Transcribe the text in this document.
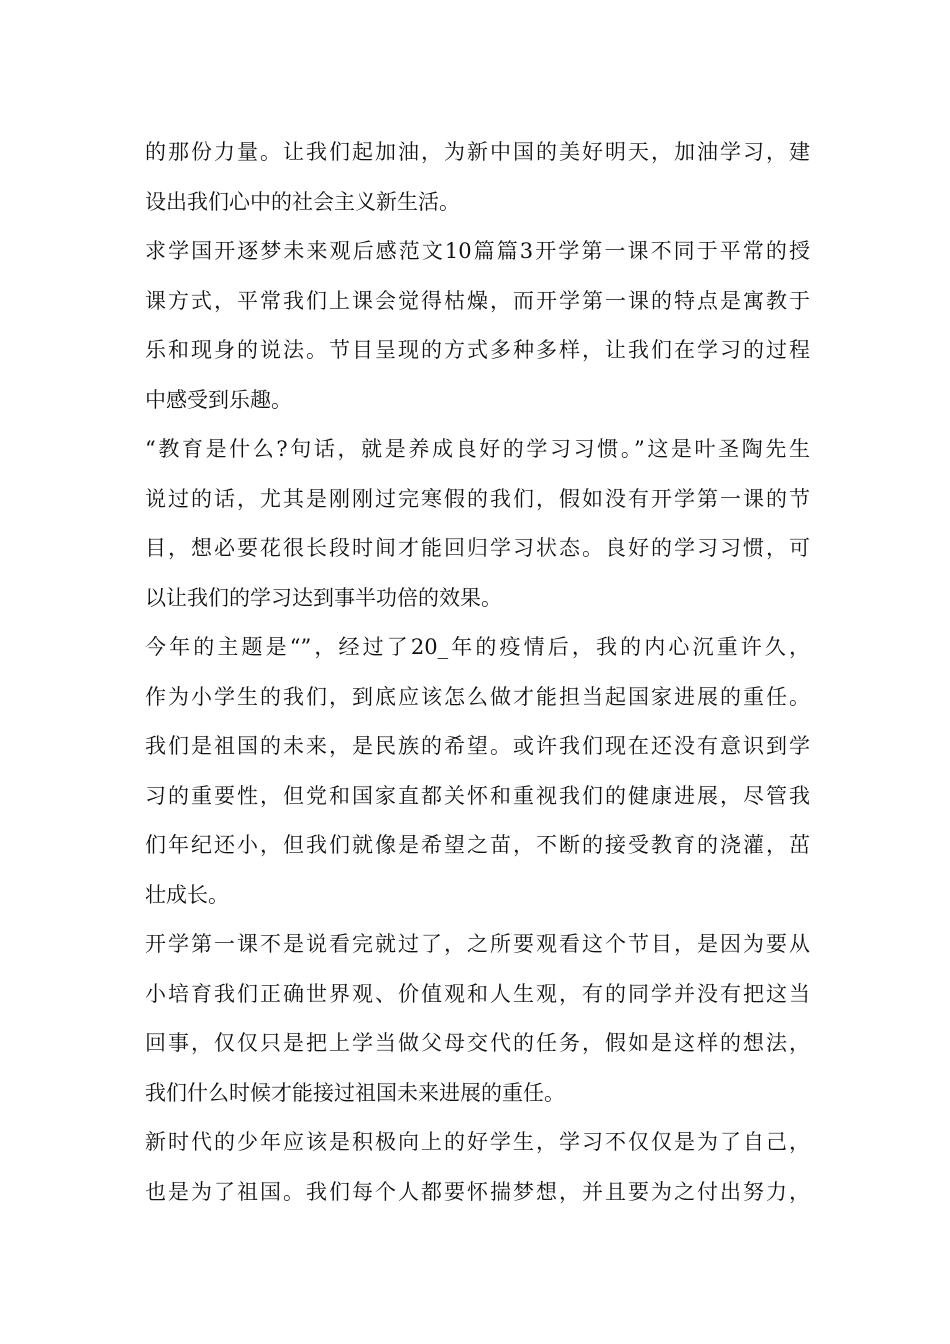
的那份力量。让我们起加油，为新中国的美好明天，加油学习，建
设出我们心中的社会主义新生活。
求学国开逐梦未来观后感范文10篇篇3开学第一课不同于平常的授
课方式，平常我们上课会觉得枯燥，而开学第一课的特点是寓教于
乐和现身的说法。节目呈现的方式多种多样，让我们在学习的过程
中感受到乐趣。
“教育是什么?句话，就是养成良好的学习习惯。”这是叶圣陶先生
说过的话，尤其是刚刚过完寒假的我们，假如没有开学第一课的节
目，想必要花很长段时间才能回归学习状态。良好的学习习惯，可
以让我们的学习达到事半功倍的效果。
今年的主题是“”，经过了20_年的疫情后，我的内心沉重许久，
作为小学生的我们，到底应该怎么做才能担当起国家进展的重任。
我们是祖国的未来，是民族的希望。或许我们现在还没有意识到学
习的重要性，但党和国家直都关怀和重视我们的健康进展，尽管我
们年纪还小，但我们就像是希望之苗，不断的接受教育的浇灌，茁
壮成长。
开学第一课不是说看完就过了，之所要观看这个节目，是因为要从
小培育我们正确世界观、价值观和人生观，有的同学并没有把这当
回事，仅仅只是把上学当做父母交代的任务，假如是这样的想法，
我们什么时候才能接过祖国未来进展的重任。
新时代的少年应该是积极向上的好学生，学习不仅仅是为了自己，
也是为了祖国。我们每个人都要怀揣梦想，并且要为之付出努力，
